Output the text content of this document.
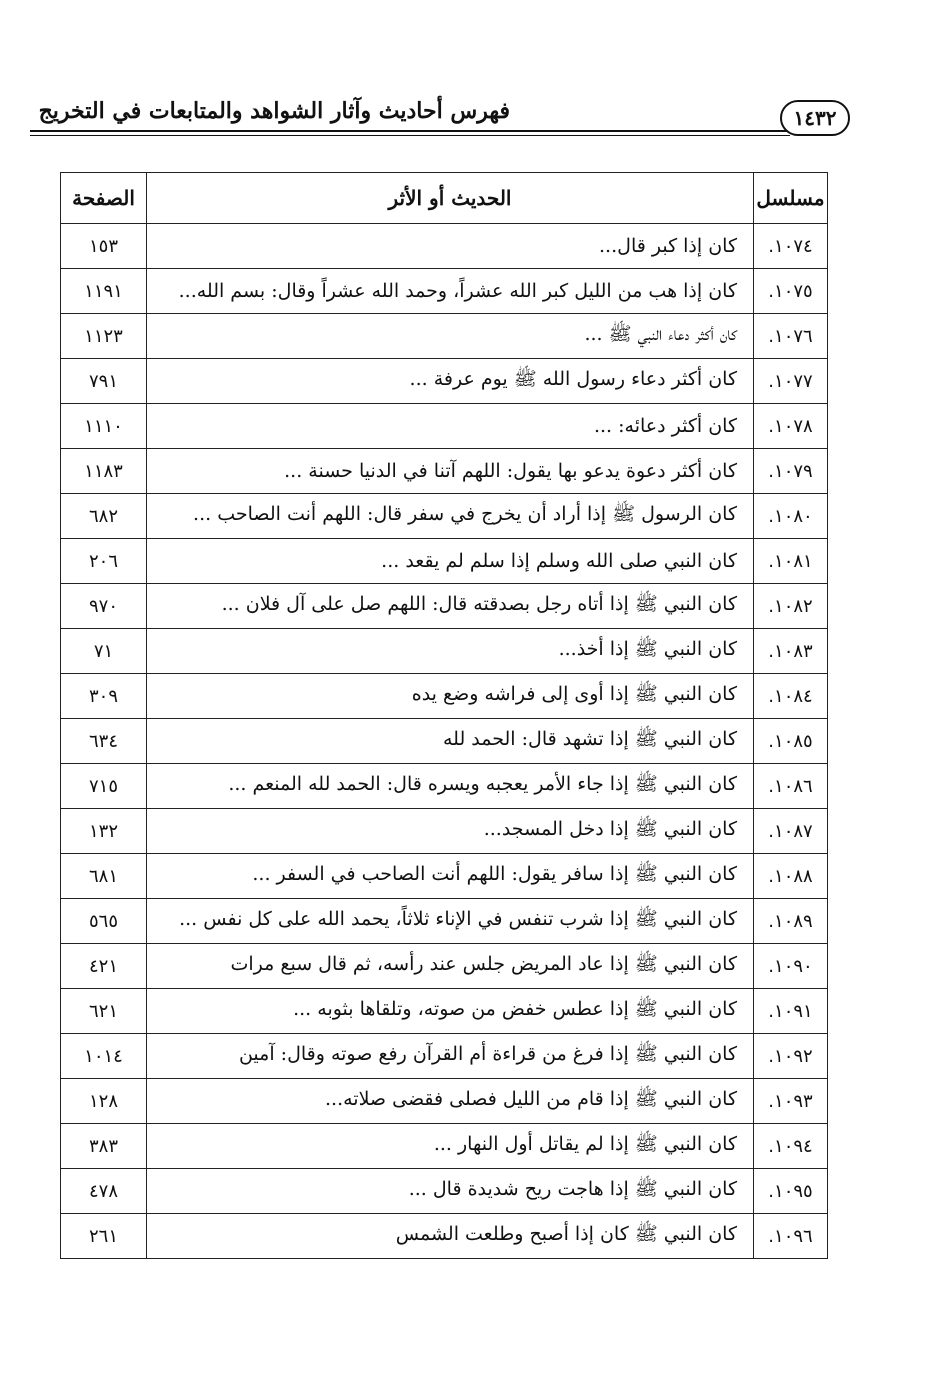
١٤٣٢
فهرس أحاديث وآثار الشواهد والمتابعات في التخريج
مسلسل	الحديث أو الأثر	الصفحة
١٠٧٤.	كان إذا كبر قال...	١٥٣
١٠٧٥.	كان إذا هب من الليل كبر الله عشراً، وحمد الله عشراً وقال: بسم الله...	١١٩١
١٠٧٦.	كان أكثر دعاء النبي ﷺ ...	١١٢٣
١٠٧٧.	كان أكثر دعاء رسول الله ﷺ يوم عرفة ...	٧٩١
١٠٧٨.	كان أكثر دعائه: ...	١١١٠
١٠٧٩.	كان أكثر دعوة يدعو بها يقول: اللهم آتنا في الدنيا حسنة ...	١١٨٣
١٠٨٠.	كان الرسول ﷺ إذا أراد أن يخرج في سفر قال: اللهم أنت الصاحب ...	٦٨٢
١٠٨١.	كان النبي صلى الله وسلم إذا سلم لم يقعد ...	٢٠٦
١٠٨٢.	كان النبي ﷺ إذا أتاه رجل بصدقته قال: اللهم صل على آل فلان ...	٩٧٠
١٠٨٣.	كان النبي ﷺ إذا أخذ...	٧١
١٠٨٤.	كان النبي ﷺ إذا أوى إلى فراشه وضع يده	٣٠٩
١٠٨٥.	كان النبي ﷺ إذا تشهد قال: الحمد لله	٦٣٤
١٠٨٦.	كان النبي ﷺ إذا جاء الأمر يعجبه ويسره قال: الحمد لله المنعم ...	٧١٥
١٠٨٧.	كان النبي ﷺ إذا دخل المسجد...	١٣٢
١٠٨٨.	كان النبي ﷺ إذا سافر يقول: اللهم أنت الصاحب في السفر ...	٦٨١
١٠٨٩.	كان النبي ﷺ إذا شرب تنفس في الإناء ثلاثاً، يحمد الله على كل نفس ...	٥٦٥
١٠٩٠.	كان النبي ﷺ إذا عاد المريض جلس عند رأسه، ثم قال سبع مرات	٤٢١
١٠٩١.	كان النبي ﷺ إذا عطس خفض من صوته، وتلقاها بثوبه ...	٦٢١
١٠٩٢.	كان النبي ﷺ إذا فرغ من قراءة أم القرآن رفع صوته وقال: آمين	١٠١٤
١٠٩٣.	كان النبي ﷺ إذا قام من الليل فصلى فقضى صلاته...	١٢٨
١٠٩٤.	كان النبي ﷺ إذا لم يقاتل أول النهار ...	٣٨٣
١٠٩٥.	كان النبي ﷺ إذا هاجت ريح شديدة قال ...	٤٧٨
١٠٩٦.	كان النبي ﷺ كان إذا أصبح وطلعت الشمس	٢٦١
